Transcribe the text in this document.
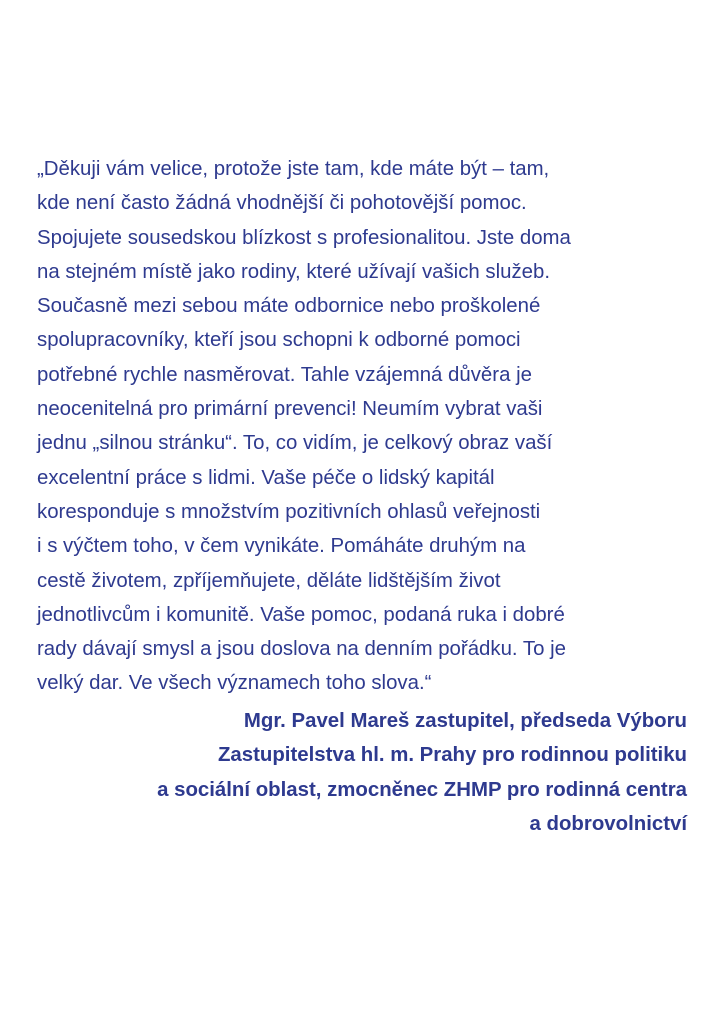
„Děkuji vám velice, protože jste tam, kde máte být – tam,
kde není často žádná vhodnější či pohotovější pomoc.
Spojujete sousedskou blízkost s profesionalitou. Jste doma
na stejném místě jako rodiny, které užívají vašich služeb.
Současně mezi sebou máte odbornice nebo proškolené
spolupracovníky, kteří jsou schopni k odborné pomoci
potřebné rychle nasměrovat. Tahle vzájemná důvěra je
neocenitelná pro primární prevenci! Neumím vybrat vaši
jednu „silnou stránku“. To, co vidím, je celkový obraz vaší
excelentní práce s lidmi. Vaše péče o lidský kapitál
koresponduje s množstvím pozitivních ohlasů veřejnosti
i s výčtem toho, v čem vynikáte. Pomáháte druhým na
cestě životem, zpříjemňujete, děláte lidštějším život
jednotlivcům i komunitě. Vaše pomoc, podaná ruka i dobré
rady dávají smysl a jsou doslova na denním pořádku. To je
velký dar. Ve všech významech toho slova.“

Mgr. Pavel Mareš zastupitel, předseda Výboru
Zastupitelstva hl. m. Prahy pro rodinnou politiku
a sociální oblast, zmocněnec ZHMP pro rodinná centra
a dobrovolnictví
